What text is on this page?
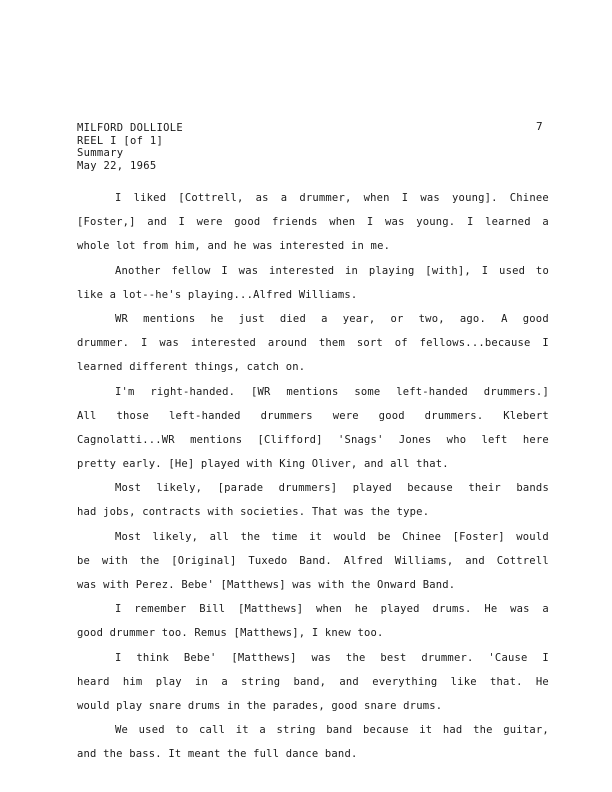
MILFORD DOLLIOLE
REEL I [of 1]
Summary
May 22, 1965
7
I liked [Cottrell, as a drummer, when I was young]. Chinee
[Foster,] and I were good friends when I was young. I learned a
whole lot from him, and he was interested in me.
Another fellow I was interested in playing [with], I used to
like a lot--he's playing...Alfred Williams.
WR mentions he just died a year, or two, ago. A good
drummer. I was interested around them sort of fellows...because I
learned different things, catch on.
I'm right-handed. [WR mentions some left-handed drummers.]
All those left-handed drummers were good drummers. Klebert
Cagnolatti...WR mentions [Clifford] 'Snags' Jones who left here
pretty early. [He] played with King Oliver, and all that.
Most likely, [parade drummers] played because their bands
had jobs, contracts with societies. That was the type.
Most likely, all the time it would be Chinee [Foster] would
be with the [Original] Tuxedo Band. Alfred Williams, and Cottrell
was with Perez. Bebe' [Matthews] was with the Onward Band.
I remember Bill [Matthews] when he played drums. He was a
good drummer too. Remus [Matthews], I knew too.
I think Bebe' [Matthews] was the best drummer. 'Cause I
heard him play in a string band, and everything like that. He
would play snare drums in the parades, good snare drums.
We used to call it a string band because it had the guitar,
and the bass. It meant the full dance band.
